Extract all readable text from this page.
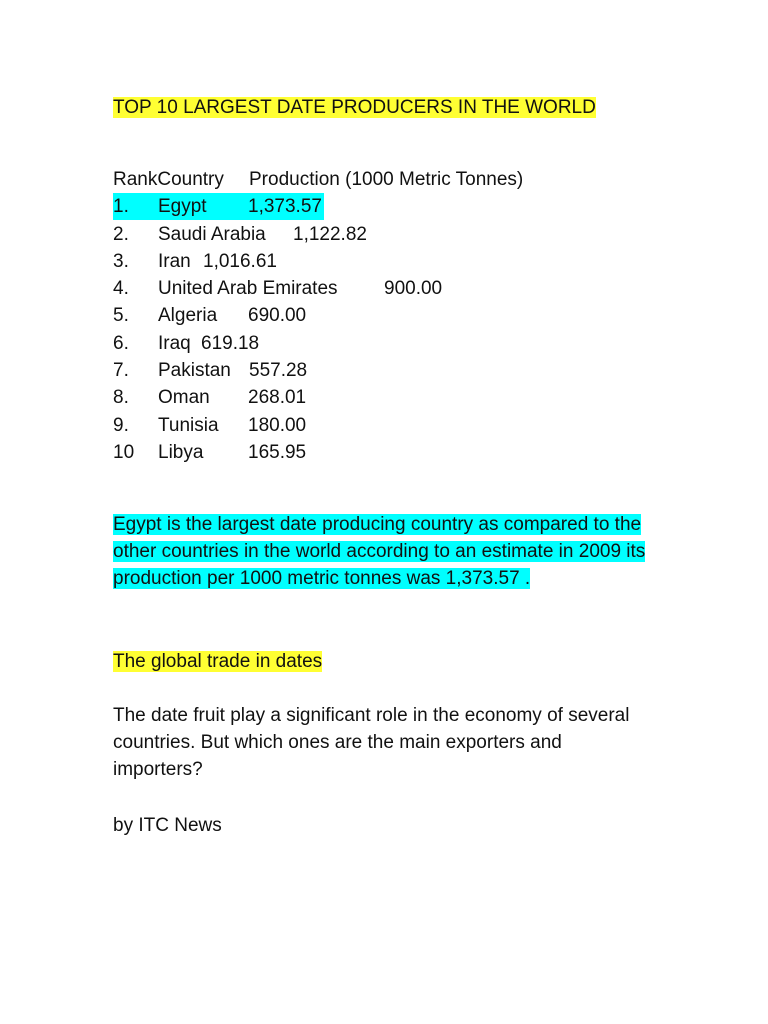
TOP 10 LARGEST DATE PRODUCERS IN THE WORLD
RankCountry Production (1000 Metric Tonnes)
1. Egypt 1,373.57
2. Saudi Arabia 1,122.82
3. Iran 1,016.61
4. United Arab Emirates 900.00
5. Algeria 690.00
6. Iraq 619.18
7. Pakistan 557.28
8. Oman 268.01
9. Tunisia 180.00
10 Libya 165.95
Egypt is the largest date producing country as compared to the other countries in the world according to an estimate in 2009 its production per 1000 metric tonnes was 1,373.57 .
The global trade in dates
The date fruit play a significant role in the economy of several countries. But which ones are the main exporters and importers?
by ITC News
